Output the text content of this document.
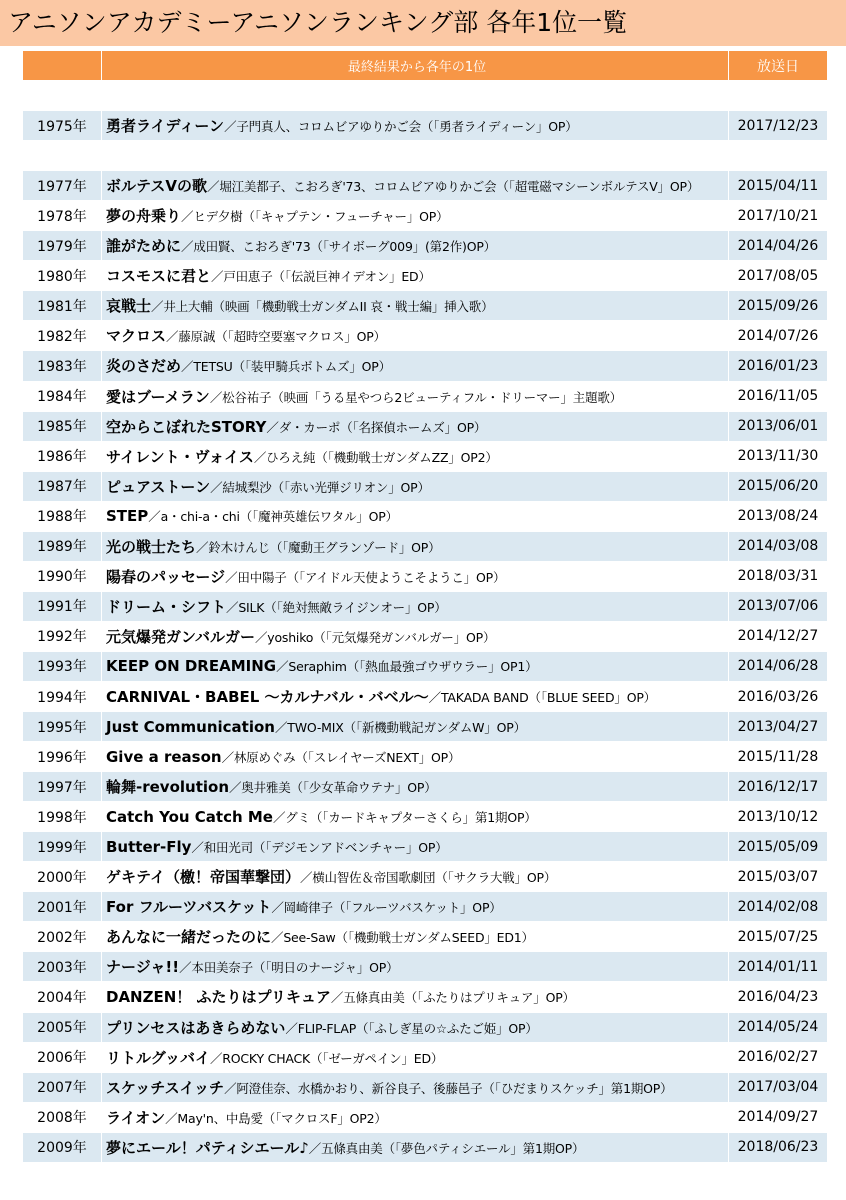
アニソンアカデミーアニソンランキング部 各年1位一覧
	最終結果から各年の1位	放送日

1975年	勇者ライディーン／子門真人、コロムビアゆりかご会（「勇者ライディーン」OP）	2017/12/23

1977年	ボルテスVの歌／堀江美都子、こおろぎ'73、コロムビアゆりかご会（「超電磁マシーンボルテスV」OP）	2015/04/11
1978年	夢の舟乗り／ヒデ夕樹（「キャプテン・フューチャー」OP）	2017/10/21
1979年	誰がために／成田賢、こおろぎ'73（「サイボーグ009」(第2作)OP）	2014/04/26
1980年	コスモスに君と／戸田恵子（「伝説巨神イデオン」ED）	2017/08/05
1981年	哀戦士／井上大輔（映画「機動戦士ガンダムII 哀・戦士編」挿入歌）	2015/09/26
1982年	マクロス／藤原誠（「超時空要塞マクロス」OP）	2014/07/26
1983年	炎のさだめ／TETSU（「装甲騎兵ボトムズ」OP）	2016/01/23
1984年	愛はブーメラン／松谷祐子（映画「うる星やつら2ビューティフル・ドリーマー」主題歌）	2016/11/05
1985年	空からこぼれたSTORY／ダ・カーポ（「名探偵ホームズ」OP）	2013/06/01
1986年	サイレント・ヴォイス／ひろえ純（「機動戦士ガンダムZZ」OP2）	2013/11/30
1987年	ピュアストーン／結城梨沙（「赤い光弾ジリオン」OP）	2015/06/20
1988年	STEP／a・chi-a・chi（「魔神英雄伝ワタル」OP）	2013/08/24
1989年	光の戦士たち／鈴木けんじ（「魔動王グランゾード」OP）	2014/03/08
1990年	陽春のパッセージ／田中陽子（「アイドル天使ようこそようこ」OP）	2018/03/31
1991年	ドリーム・シフト／SILK（「絶対無敵ライジンオー」OP）	2013/07/06
1992年	元気爆発ガンバルガー／yoshiko（「元気爆発ガンバルガー」OP）	2014/12/27
1993年	KEEP ON DREAMING／Seraphim（「熱血最強ゴウザウラー」OP1）	2014/06/28
1994年	CARNIVAL・BABEL 〜カルナバル・バベル〜／TAKADA BAND（「BLUE SEED」OP）	2016/03/26
1995年	Just Communication／TWO-MIX（「新機動戦記ガンダムW」OP）	2013/04/27
1996年	Give a reason／林原めぐみ（「スレイヤーズNEXT」OP）	2015/11/28
1997年	輪舞-revolution／奥井雅美（「少女革命ウテナ」OP）	2016/12/17
1998年	Catch You Catch Me／グミ（「カードキャプターさくら」第1期OP）	2013/10/12
1999年	Butter-Fly／和田光司（「デジモンアドベンチャー」OP）	2015/05/09
2000年	ゲキテイ（檄！帝国華撃団）／横山智佐＆帝国歌劇団（「サクラ大戦」OP）	2015/03/07
2001年	For フルーツバスケット／岡崎律子（「フルーツバスケット」OP）	2014/02/08
2002年	あんなに一緒だったのに／See-Saw（「機動戦士ガンダムSEED」ED1）	2015/07/25
2003年	ナージャ!!／本田美奈子（「明日のナージャ」OP）	2014/01/11
2004年	DANZEN！ ふたりはプリキュア／五條真由美（「ふたりはプリキュア」OP）	2016/04/23
2005年	プリンセスはあきらめない／FLIP-FLAP（「ふしぎ星の☆ふたご姫」OP）	2014/05/24
2006年	リトルグッバイ／ROCKY CHACK（「ゼーガペイン」ED）	2016/02/27
2007年	スケッチスイッチ／阿澄佳奈、水橋かおり、新谷良子、後藤邑子（「ひだまりスケッチ」第1期OP）	2017/03/04
2008年	ライオン／May'n、中島愛（「マクロスF」OP2）	2014/09/27
2009年	夢にエール！パティシエール♪／五條真由美（「夢色パティシエール」第1期OP）	2018/06/23
